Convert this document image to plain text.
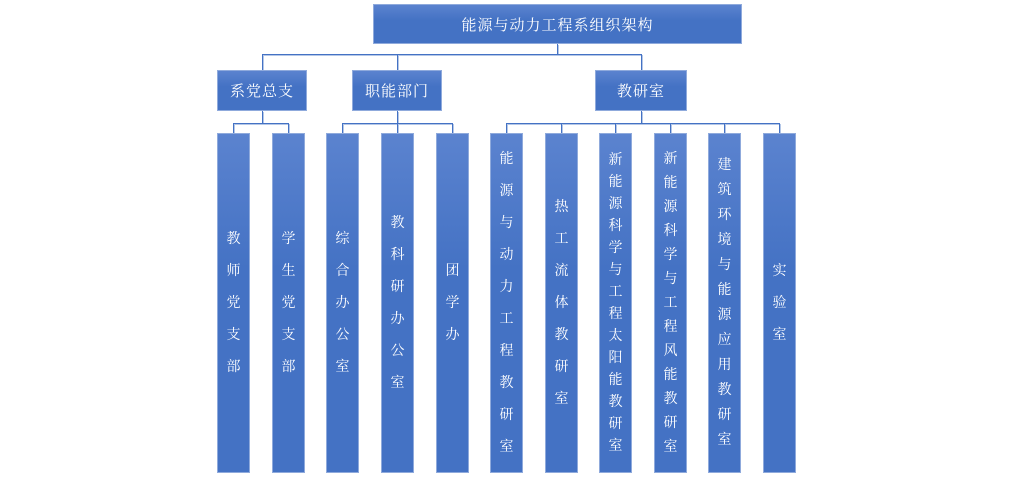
能源与动力工程系组织架构
系党总支	职能部门	教研室
教师党支部
学生党支部
综合办公室
教科研办公室
团学办
能源与动力工程教研室
热工流体教研室
新能源科学与工程太阳能　教研室
新能源科学与工程风能教研室
建筑环境与能源应用教研室
实验室
